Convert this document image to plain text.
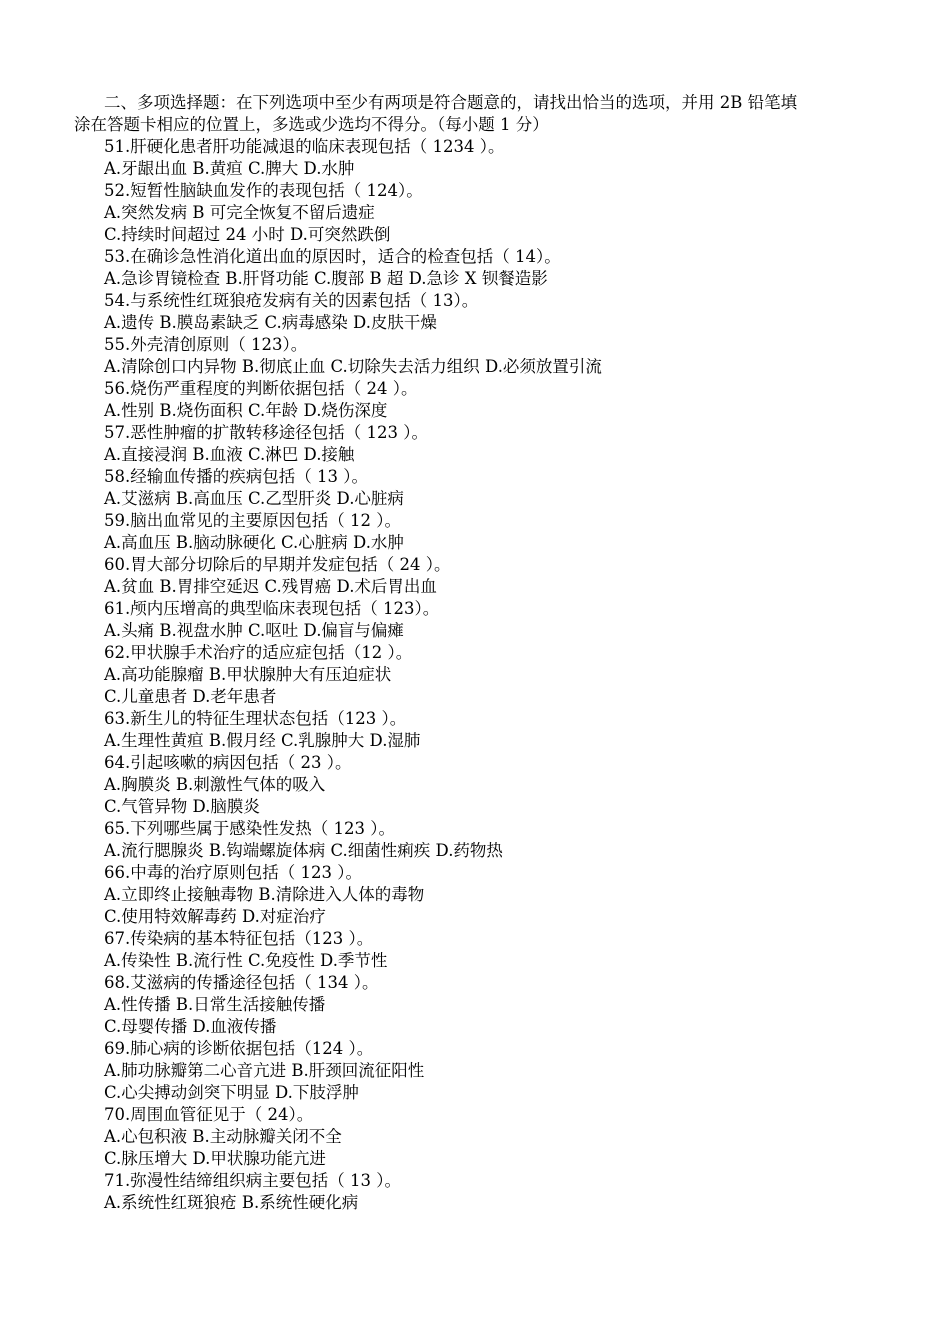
二、多项选择题：在下列选项中至少有两项是符合题意的，请找出恰当的选项，并用 2B 铅笔填
涂在答题卡相应的位置上，多选或少选均不得分。（每小题 1 分）
51.肝硬化患者肝功能减退的临床表现包括（ 1234 ）。
A.牙龈出血 B.黄疸 C.脾大 D.水肿
52.短暂性脑缺血发作的表现包括（ 124）。
A.突然发病 B 可完全恢复不留后遗症
C.持续时间超过 24 小时 D.可突然跌倒
53.在确诊急性消化道出血的原因时，适合的检查包括（ 14）。
A.急诊胃镜检查 B.肝肾功能 C.腹部 B 超 D.急诊 X 钡餐造影
54.与系统性红斑狼疮发病有关的因素包括（ 13）。
A.遗传 B.膜岛素缺乏 C.病毒感染 D.皮肤干燥
55.外壳清创原则（ 123）。
A.清除创口内异物 B.彻底止血 C.切除失去活力组织 D.必须放置引流
56.烧伤严重程度的判断依据包括（ 24 ）。
A.性别 B.烧伤面积 C.年龄 D.烧伤深度
57.恶性肿瘤的扩散转移途径包括（ 123 ）。
A.直接浸润 B.血液 C.淋巴 D.接触
58.经输血传播的疾病包括（ 13 ）。
A.艾滋病 B.高血压 C.乙型肝炎 D.心脏病
59.脑出血常见的主要原因包括（ 12 ）。
A.高血压 B.脑动脉硬化 C.心脏病 D.水肿
60.胃大部分切除后的早期并发症包括（ 24 ）。
A.贫血 B.胃排空延迟 C.残胃癌 D.术后胃出血
61.颅内压增高的典型临床表现包括（ 123）。
A.头痛 B.视盘水肿 C.呕吐 D.偏盲与偏瘫
62.甲状腺手术治疗的适应症包括（12 ）。
A.高功能腺瘤 B.甲状腺肿大有压迫症状
C.儿童患者 D.老年患者
63.新生儿的特征生理状态包括（123 ）。
A.生理性黄疸 B.假月经 C.乳腺肿大 D.湿肺
64.引起咳嗽的病因包括（ 23 ）。
A.胸膜炎 B.刺激性气体的吸入
C.气管异物 D.脑膜炎
65.下列哪些属于感染性发热（ 123 ）。
A.流行腮腺炎 B.钩端螺旋体病 C.细菌性痢疾 D.药物热
66.中毒的治疗原则包括（ 123 ）。
A.立即终止接触毒物 B.清除进入人体的毒物
C.使用特效解毒药 D.对症治疗
67.传染病的基本特征包括（123 ）。
A.传染性 B.流行性 C.免疫性 D.季节性
68.艾滋病的传播途径包括（ 134 ）。
A.性传播 B.日常生活接触传播
C.母婴传播 D.血液传播
69.肺心病的诊断依据包括（124 ）。
A.肺功脉瓣第二心音亢进 B.肝颈回流征阳性
C.心尖搏动剑突下明显 D.下肢浮肿
70.周围血管征见于（ 24）。
A.心包积液 B.主动脉瓣关闭不全
C.脉压增大 D.甲状腺功能亢进
71.弥漫性结缔组织病主要包括（ 13 ）。
A.系统性红斑狼疮 B.系统性硬化病
